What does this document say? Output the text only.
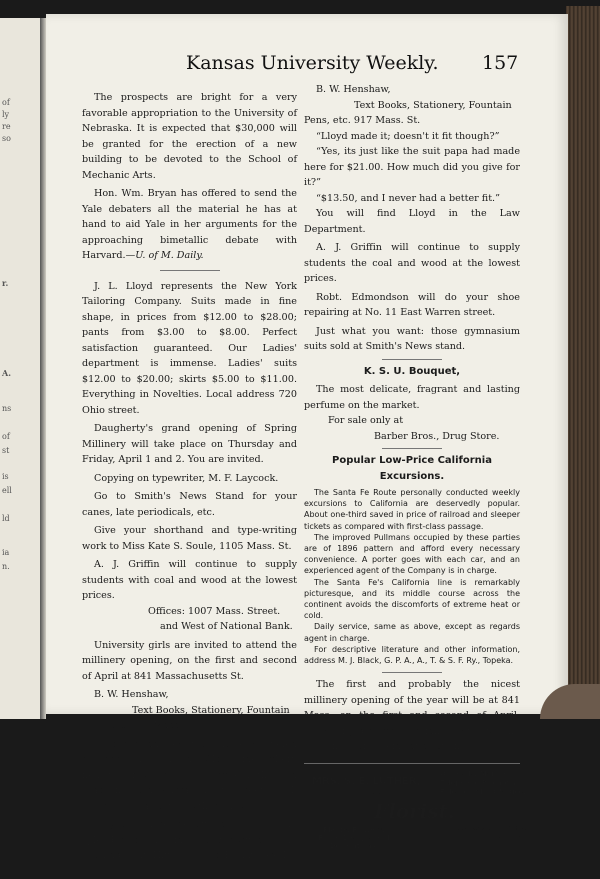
of
ly
re
so
r.
A.
ns
of
st
is
ell
ld
ia
n.
Kansas University Weekly. 157

The prospects are bright for a very favorable appropriation to the University of Nebraska. It is expected that $30,000 will be granted for the erection of a new building to be devoted to the School of Mechanic Arts.

Hon. Wm. Bryan has offered to send the Yale debaters all the material he has at hand to aid Yale in her arguments for the approaching bimetallic debate with Harvard.—U. of M. Daily.

J. L. Lloyd represents the New York Tailoring Company. Suits made in fine shape, in prices from $12.00 to $28.00; pants from $3.00 to $8.00. Perfect satisfaction guaranteed. Our Ladies' department is immense. Ladies' suits $12.00 to $20.00; skirts $5.00 to $11.00. Everything in Novelties. Local address 720 Ohio street.

Daugherty's grand opening of Spring Millinery will take place on Thursday and Friday, April 1 and 2. You are invited.

Copying on typewriter, M. F. Laycock.

Go to Smith's News Stand for your canes, late periodicals, etc.

Give your shorthand and type-writing work to Miss Kate S. Soule, 1105 Mass. St.

A. J. Griffin will continue to supply students with coal and wood at the lowest prices.

Offices: 1007 Mass. Street.

and West of National Bank.

University girls are invited to attend the millinery opening, on the first and second of April at 841 Massachusetts St.

B. W. Henshaw,

Text Books, Stationery, Fountain

Pens, etc. 917 Mass. St.

Students can have their negatives taken by Mrs. Shane at the Old Home gallery near the river, or by J. B. Shane at the Iron Clad on south Massachusetts street. Work will be satisfactory in either case.

If you admire beauty, style, art, and splendor, do not miss Daugherty's grand opening next Thursday and Friday, April 1 and 2.

B. W. Henshaw,

Text Books, Stationery, Fountain

Pens, etc. 917 Mass. St.

“Lloyd made it; doesn't it fit though?”

“Yes, its just like the suit papa had made here for $21.00. How much did you give for it?”

“$13.50, and I never had a better fit.”

You will find Lloyd in the Law Department.

A. J. Griffin will continue to supply students the coal and wood at the lowest prices.

Robt. Edmondson will do your shoe repairing at No. 11 East Warren street.

Just what you want: those gymnasium suits sold at Smith's News stand.

K. S. U. Bouquet,

The most delicate, fragrant and lasting perfume on the market.

For sale only at

Barber Bros., Drug Store.

Popular Low-Price California Excursions.

The Santa Fe Route personally conducted weekly excursions to California are deservedly popular. About one-third saved in price of railroad and sleeper tickets as compared with first-class passage.

The improved Pullmans occupied by these parties are of 1896 pattern and afford every necessary convenience. A porter goes with each car, and an experienced agent of the Company is in charge.

The Santa Fe's California line is remarkably picturesque, and its middle course across the continent avoids the discomforts of extreme heat or cold.

Daily service, same as above, except as regards agent in charge.

For descriptive literature and other information, address M. J. Black, G. P. A., A., T. & S. F. Ry., Topeka.

The first and probably the nicest millinery opening of the year will be at 841 Mass. on the first and second of April. University girls are cordially invited to call; we can assure them satisfaction.

MRS. S. E. LUTHER,
- - - - Telephone 26.
Orders by Mail or Telephone Promptly Filled on Short Notice.
Florist.
Plants, Flowers, Floral Designs and Decorations.
Greenhouses South Mass. St. Lawrence, Kans.
